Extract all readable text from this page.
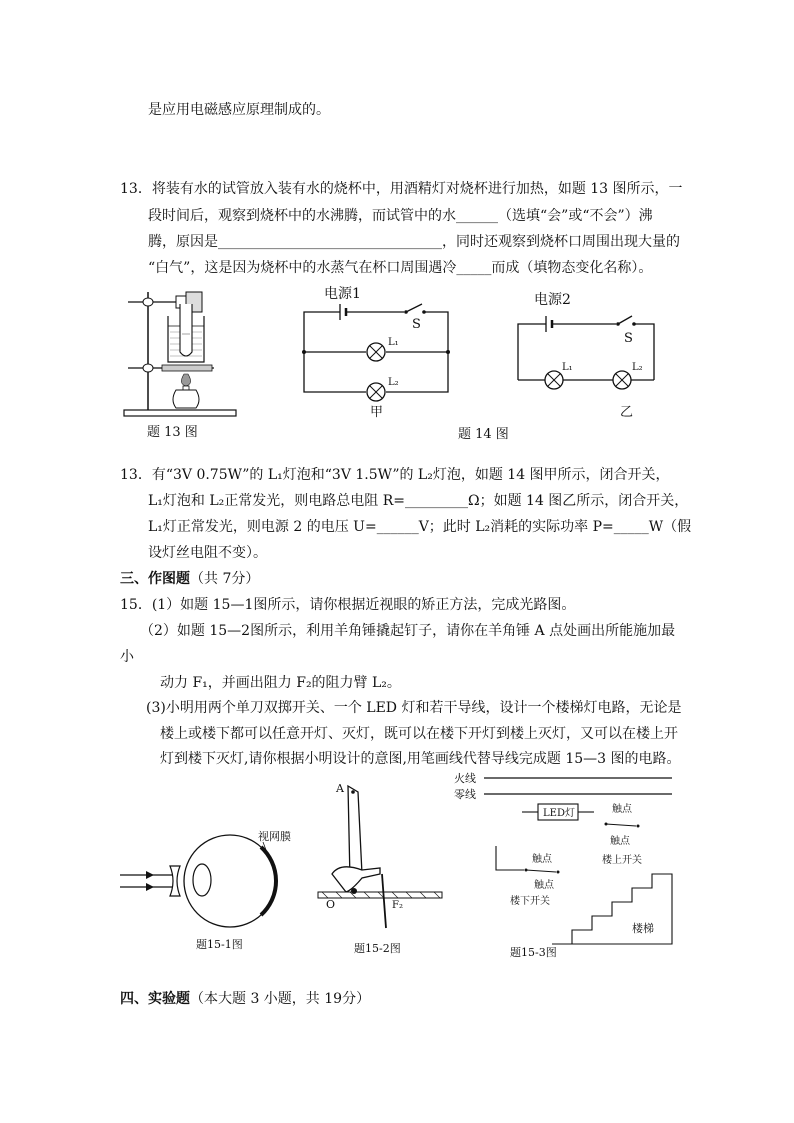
是应用电磁感应原理制成的。
13．将装有水的试管放入装有水的烧杯中，用酒精灯对烧杯进行加热，如题 13 图所示，一
段时间后，观察到烧杯中的水沸腾，而试管中的水______（选填“会”或“不会”）沸
腾，原因是________________________________，同时还观察到烧杯口周围出现大量的
“白气”，这是因为烧杯中的水蒸气在杯口周围遇冷_____而成（填物态变化名称）。
题 13 图
电源1
S
L₁
L₂
甲
电源2
S
L₁	L₂
乙
题 14 图
13．有“3V 0.75W”的 L₁灯泡和“3V 1.5W”的 L₂灯泡，如题 14 图甲所示，闭合开关，
L₁灯泡和 L₂正常发光，则电路总电阻 R=_________Ω；如题 14 图乙所示，闭合开关，
L₁灯正常发光，则电源 2 的电压 U=______V；此时 L₂消耗的实际功率 P=_____W（假
设灯丝电阻不变）。
三、作图题（共 7分）
15．(1）如题 15—1图所示，请你根据近视眼的矫正方法，完成光路图。
（2）如题 15—2图所示，利用羊角锤撬起钉子，请你在羊角锤 A 点处画出所能施加最
小
动力 F₁，并画出阻力 F₂的阻力臂 L₂。
(3)小明用两个单刀双掷开关、一个 LED 灯和若干导线，设计一个楼梯灯电路，无论是
楼上或楼下都可以任意开灯、灭灯，既可以在楼下开灯到楼上灭灯，又可以在楼上开
灯到楼下灭灯,请你根据小明设计的意图,用笔画线代替导线完成题 15—3 图的电路。
视网膜
题15-1图
A
O	F₂
题15-2图
火线
零线
LED灯	触点
触点
楼上开关
触点
触点
楼下开关
楼梯
题15-3图
四、实验题（本大题 3 小题，共 19分）
